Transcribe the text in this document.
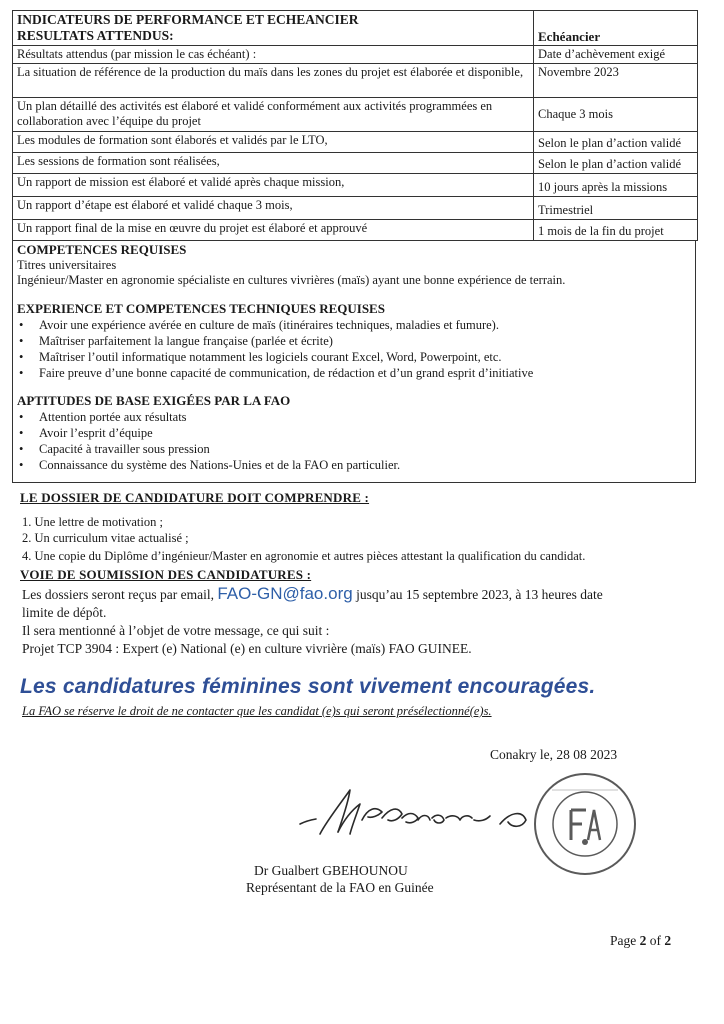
INDICATEURS DE PERFORMANCE ET ECHEANCIER
RESULTATS ATTENDUS:	Echéancier

Résultats attendus (par mission le cas échéant) :	Date d’achèvement exigé
La situation de référence de la production du maïs dans les zones du projet est élaborée et disponible,	Novembre 2023
Un plan détaillé des activités est élaboré et validé conformément aux activités programmées en collaboration avec l’équipe du projet	Chaque 3 mois
Les modules de formation sont élaborés et validés par le LTO,	Selon le plan d’action validé
Les sessions de formation sont réalisées,	Selon le plan d’action validé
Un rapport de mission est élaboré et validé après chaque mission,	10 jours après la missions
Un rapport d’étape est élaboré et validé chaque 3 mois,	Trimestriel
Un rapport final de la mise en œuvre du projet est élaboré et approuvé	1 mois de la fin du projet

COMPETENCES REQUISES

Titres universitaires

Ingénieur/Master en agronomie spécialiste en cultures vivrières (maïs) ayant une bonne expérience de terrain.

EXPERIENCE ET COMPETENCES TECHNIQUES REQUISES

• Avoir une expérience avérée en culture de maïs (itinéraires techniques, maladies et fumure).
• Maîtriser parfaitement la langue française (parlée et écrite)
• Maîtriser l’outil informatique notamment les logiciels courant Excel, Word, Powerpoint, etc.
• Faire preuve d’une bonne capacité de communication, de rédaction et d’un grand esprit d’initiative

APTITUDES DE BASE EXIGÉES PAR LA FAO

• Attention portée aux résultats
• Avoir l’esprit d’équipe
• Capacité à travailler sous pression
• Connaissance du système des Nations-Unies et de la FAO en particulier.
LE DOSSIER DE CANDIDATURE DOIT COMPRENDRE :
1. Une lettre de motivation ;
2. Un curriculum vitae actualisé ;
4. Une copie du Diplôme d’ingénieur/Master en agronomie et autres pièces attestant la qualification du candidat.
VOIE DE SOUMISSION DES CANDIDATURES :
Les dossiers seront reçus par email, FAO-GN@fao.org jusqu’au 15 septembre 2023, à 13 heures date
limite de dépôt.
Il sera mentionné à l’objet de votre message, ce qui suit :
Projet TCP 3904 : Expert (e) National (e) en culture vivrière (maïs) FAO GUINEE.
Les candidatures féminines sont vivement encouragées.
La FAO se réserve le droit de ne contacter que les candidat (e)s qui seront présélectionné(e)s.
Conakry le, 28 08 2023
Dr Gualbert GBEHOUNOU
Représentant de la FAO en Guinée
Page 2 of 2
